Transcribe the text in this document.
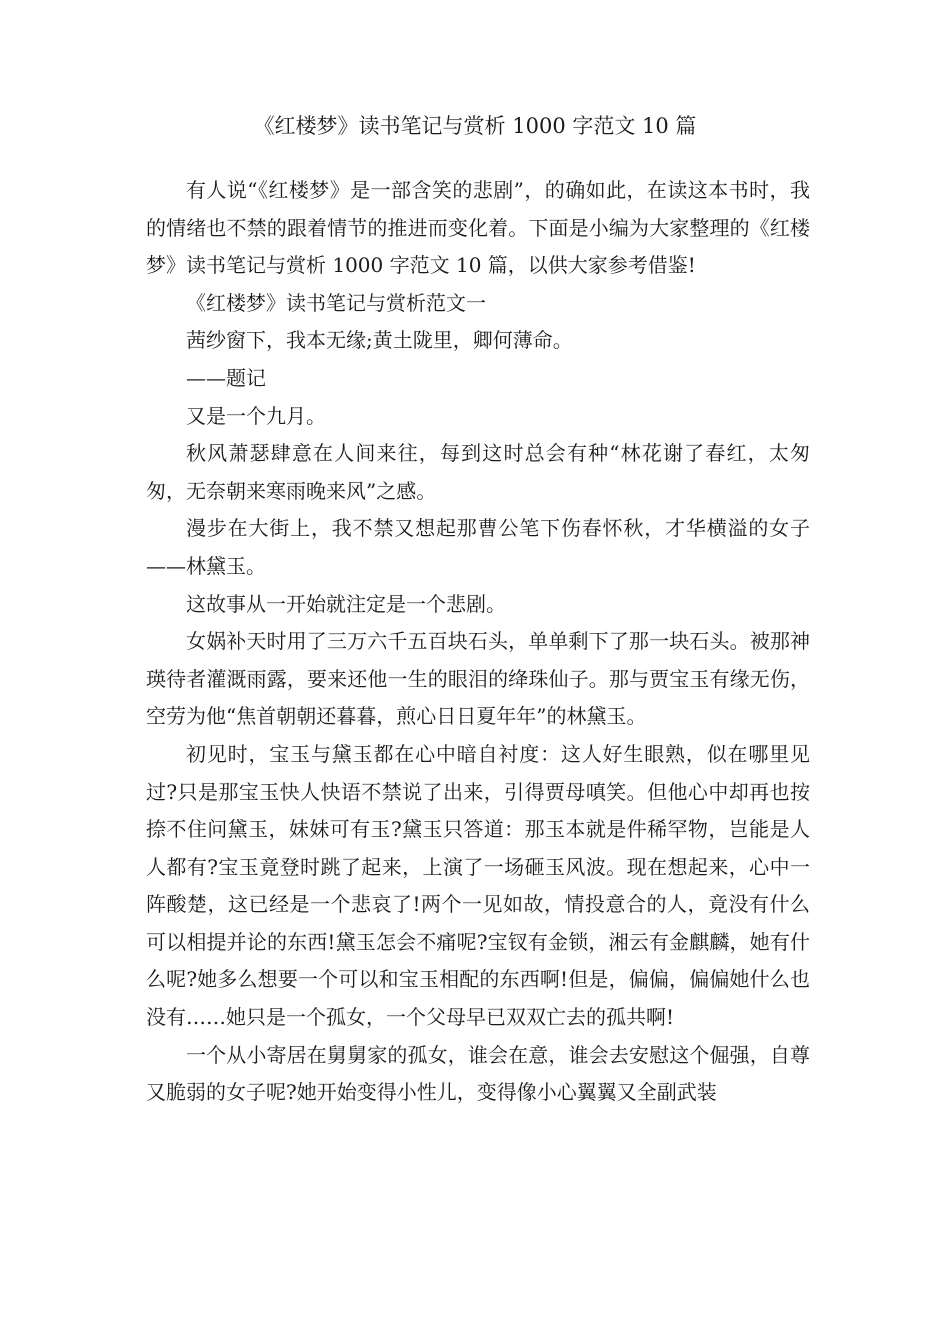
《红楼梦》读书笔记与赏析 1000 字范文 10 篇

有人说“《红楼梦》是一部含笑的悲剧”，的确如此，在读这本书时，我的情绪也不禁的跟着情节的推进而变化着。下面是小编为大家整理的《红楼梦》读书笔记与赏析 1000 字范文 10 篇，以供大家参考借鉴!

《红楼梦》读书笔记与赏析范文一

茜纱窗下，我本无缘;黄土陇里，卿何薄命。

——题记

又是一个九月。

秋风萧瑟肆意在人间来往，每到这时总会有种“林花谢了春红，太匆匆，无奈朝来寒雨晚来风”之感。

漫步在大街上，我不禁又想起那曹公笔下伤春怀秋，才华横溢的女子——林黛玉。

这故事从一开始就注定是一个悲剧。

女娲补天时用了三万六千五百块石头，单单剩下了那一块石头。被那神瑛待者灌溉雨露，要来还他一生的眼泪的绛珠仙子。那与贾宝玉有缘无伤，空劳为他“焦首朝朝还暮暮，煎心日日夏年年”的林黛玉。

初见时，宝玉与黛玉都在心中暗自衬度：这人好生眼熟，似在哪里见过?只是那宝玉快人快语不禁说了出来，引得贾母嗔笑。但他心中却再也按捺不住问黛玉，妹妹可有玉?黛玉只答道：那玉本就是件稀罕物，岂能是人人都有?宝玉竟登时跳了起来，上演了一场砸玉风波。现在想起来，心中一阵酸楚，这已经是一个悲哀了!两个一见如故，情投意合的人，竟没有什么可以相提并论的东西!黛玉怎会不痛呢?宝钗有金锁，湘云有金麒麟，她有什么呢?她多么想要一个可以和宝玉相配的东西啊!但是，偏偏，偏偏她什么也没有……她只是一个孤女，一个父母早已双双亡去的孤共啊!

一个从小寄居在舅舅家的孤女，谁会在意，谁会去安慰这个倔强，自尊又脆弱的女子呢?她开始变得小性儿，变得像小心翼翼又全副武装
